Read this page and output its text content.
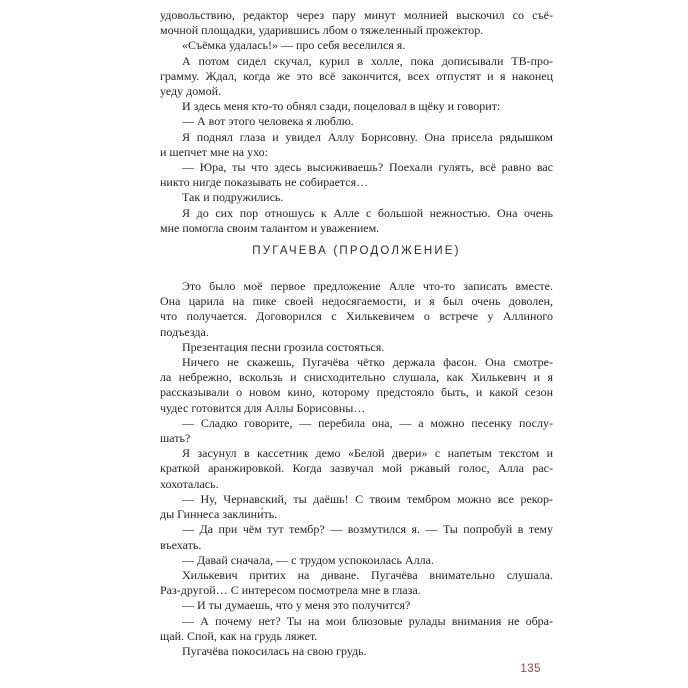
удовольствию, редактор через пару минут молнией выскочил со съё-
мочной площадки, ударившись лбом о тяжеленный прожектор.

«Съёмка удалась!» — про себя веселился я.

А потом сидел скучал, курил в холле, пока дописывали ТВ-про-
грамму. Ждал, когда же это всё закончится, всех отпустят и я наконец
уеду домой.

И здесь меня кто-то обнял сзади, поцеловал в щёку и говорит:

— А вот этого человека я люблю.

Я поднял глаза и увидел Аллу Борисовну. Она присела рядышком
и шепчет мне на ухо:

— Юра, ты что здесь высиживаешь? Поехали гулять, всё равно вас
никто нигде показывать не собирается…

Так и подружились.

Я до сих пор отношусь к Алле с большой нежностью. Она очень
мне помогла своим талантом и уважением.

ПУГАЧЕВА (ПРОДОЛЖЕНИЕ)

Это было моё первое предложение Алле что-то записать вместе.
Она царила на пике своей недосягаемости, и я был очень доволен,
что получается. Договорился с Хилькевичем о встрече у Аллиного
подъезда.

Презентация песни грозила состояться.

Ничего не скажешь, Пугачёва чётко держала фасон. Она смотре-
ла небрежно, вскользь и снисходительно слушала, как Хилькевич и я
рассказывали о новом кино, которому предстояло быть, и какой сезон
чудес готовится для Аллы Борисовны…

— Сладко говорите, — перебила она, — а можно песенку послу-
шать?

Я засунул в кассетник демо «Белой двери» с напетым текстом и
краткой аранжировкой. Когда зазвучал мой ржавый голос, Алла рас-
хохоталась.

— Ну, Чернавский, ты даёшь! С твоим тембром можно все рекор-
ды Гиннеса заклини́ть.

— Да при чём тут тембр? — возмутился я. — Ты попробуй в тему
въехать.

— Давай сначала, — с трудом успокоилась Алла.

Хилькевич притих на диване. Пугачёва внимательно слушала.
Раз-другой… С интересом посмотрела мне в глаза.

— И ты думаешь, что у меня это получится?

— А почему нет? Ты на мои блюзовые рулады внимания не обра-
щай. Спой, как на грудь ляжет.

Пугачёва покосилась на свою грудь.

135
